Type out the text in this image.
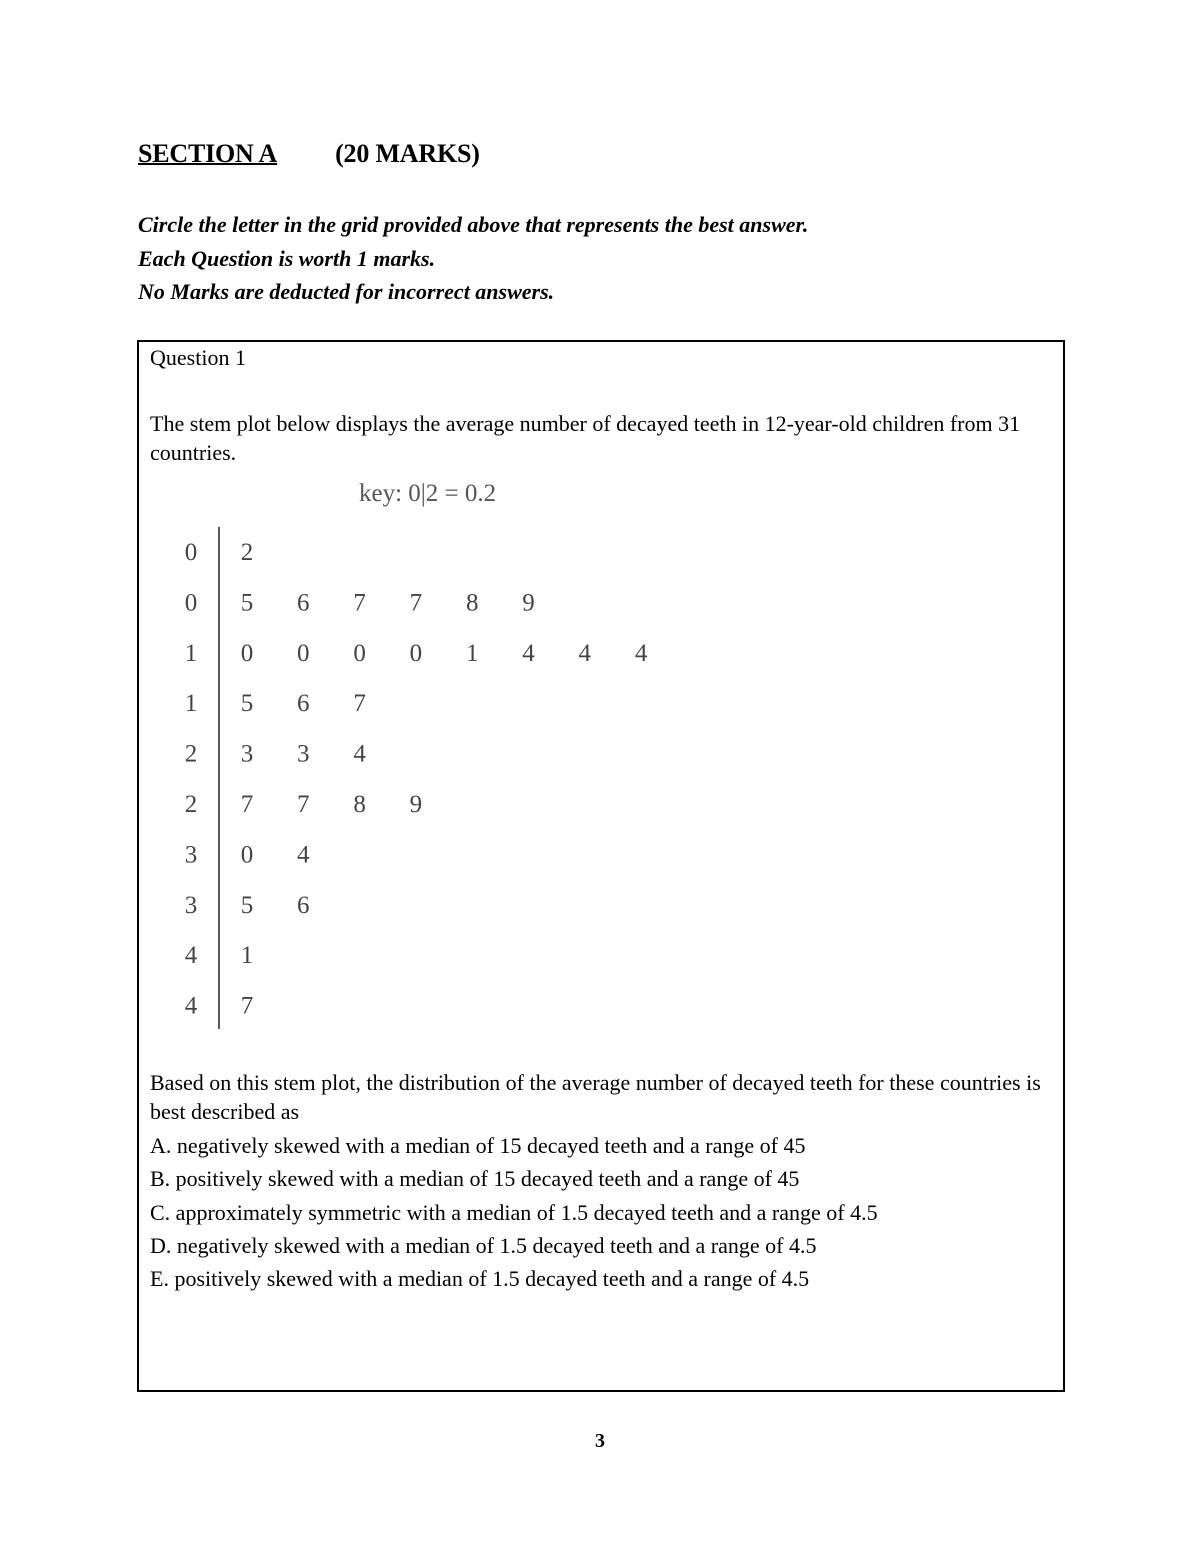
SECTION A (20 MARKS)
Circle the letter in the grid provided above that represents the best answer.
Each Question is worth 1 marks.
No Marks are deducted for incorrect answers.
Question 1
The stem plot below displays the average number of decayed teeth in 12-year-old children from 31 countries.
key: 0|2 = 0.2
0 2
0 5 6 7 7 8 9
1 0 0 0 0 1 4 4 4
1 5 6 7
2 3 3 4
2 7 7 8 9
3 0 4
3 5 6
4 1
4 7
Based on this stem plot, the distribution of the average number of decayed teeth for these countries is best described as
A. negatively skewed with a median of 15 decayed teeth and a range of 45
B. positively skewed with a median of 15 decayed teeth and a range of 45
C. approximately symmetric with a median of 1.5 decayed teeth and a range of 4.5
D. negatively skewed with a median of 1.5 decayed teeth and a range of 4.5
E. positively skewed with a median of 1.5 decayed teeth and a range of 4.5
3
